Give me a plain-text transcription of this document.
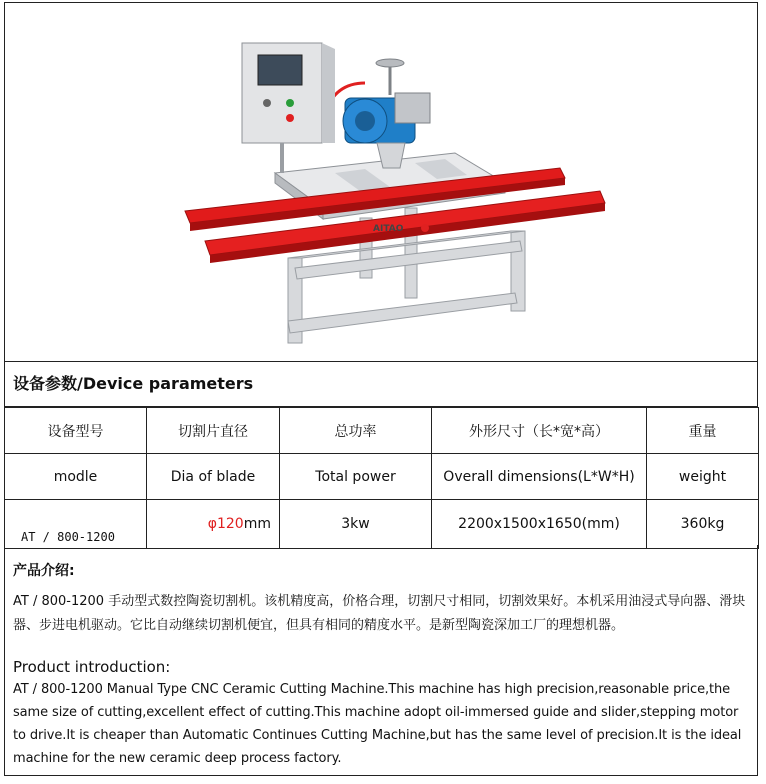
AITAO
设备参数/Device parameters
设备型号	切割片直径	总功率	外形尺寸（长*宽*高）	重量
modle	Dia of blade	Total power	Overall dimensions(L*W*H)	weight
AT / 800-1200	φ120mm	3kw	2200x1500x1650(mm)	360kg
产品介绍:
AT / 800-1200 手动型式数控陶瓷切割机。该机精度高，价格合理，切割尺寸相同，切割效果好。本机采用油浸式导向器、滑块器、步进电机驱动。它比自动继续切割机便宜，但具有相同的精度水平。是新型陶瓷深加工厂的理想机器。
Product introduction:
AT / 800-1200 Manual Type CNC Ceramic Cutting Machine.This machine has high precision,reasonable price,the same size of cutting,excellent effect of cutting.This machine adopt oil-immersed guide and slider,stepping motor to drive.It is cheaper than Automatic Continues Cutting Machine,but has the same level of precision.It is the ideal machine for the new ceramic deep process factory.
